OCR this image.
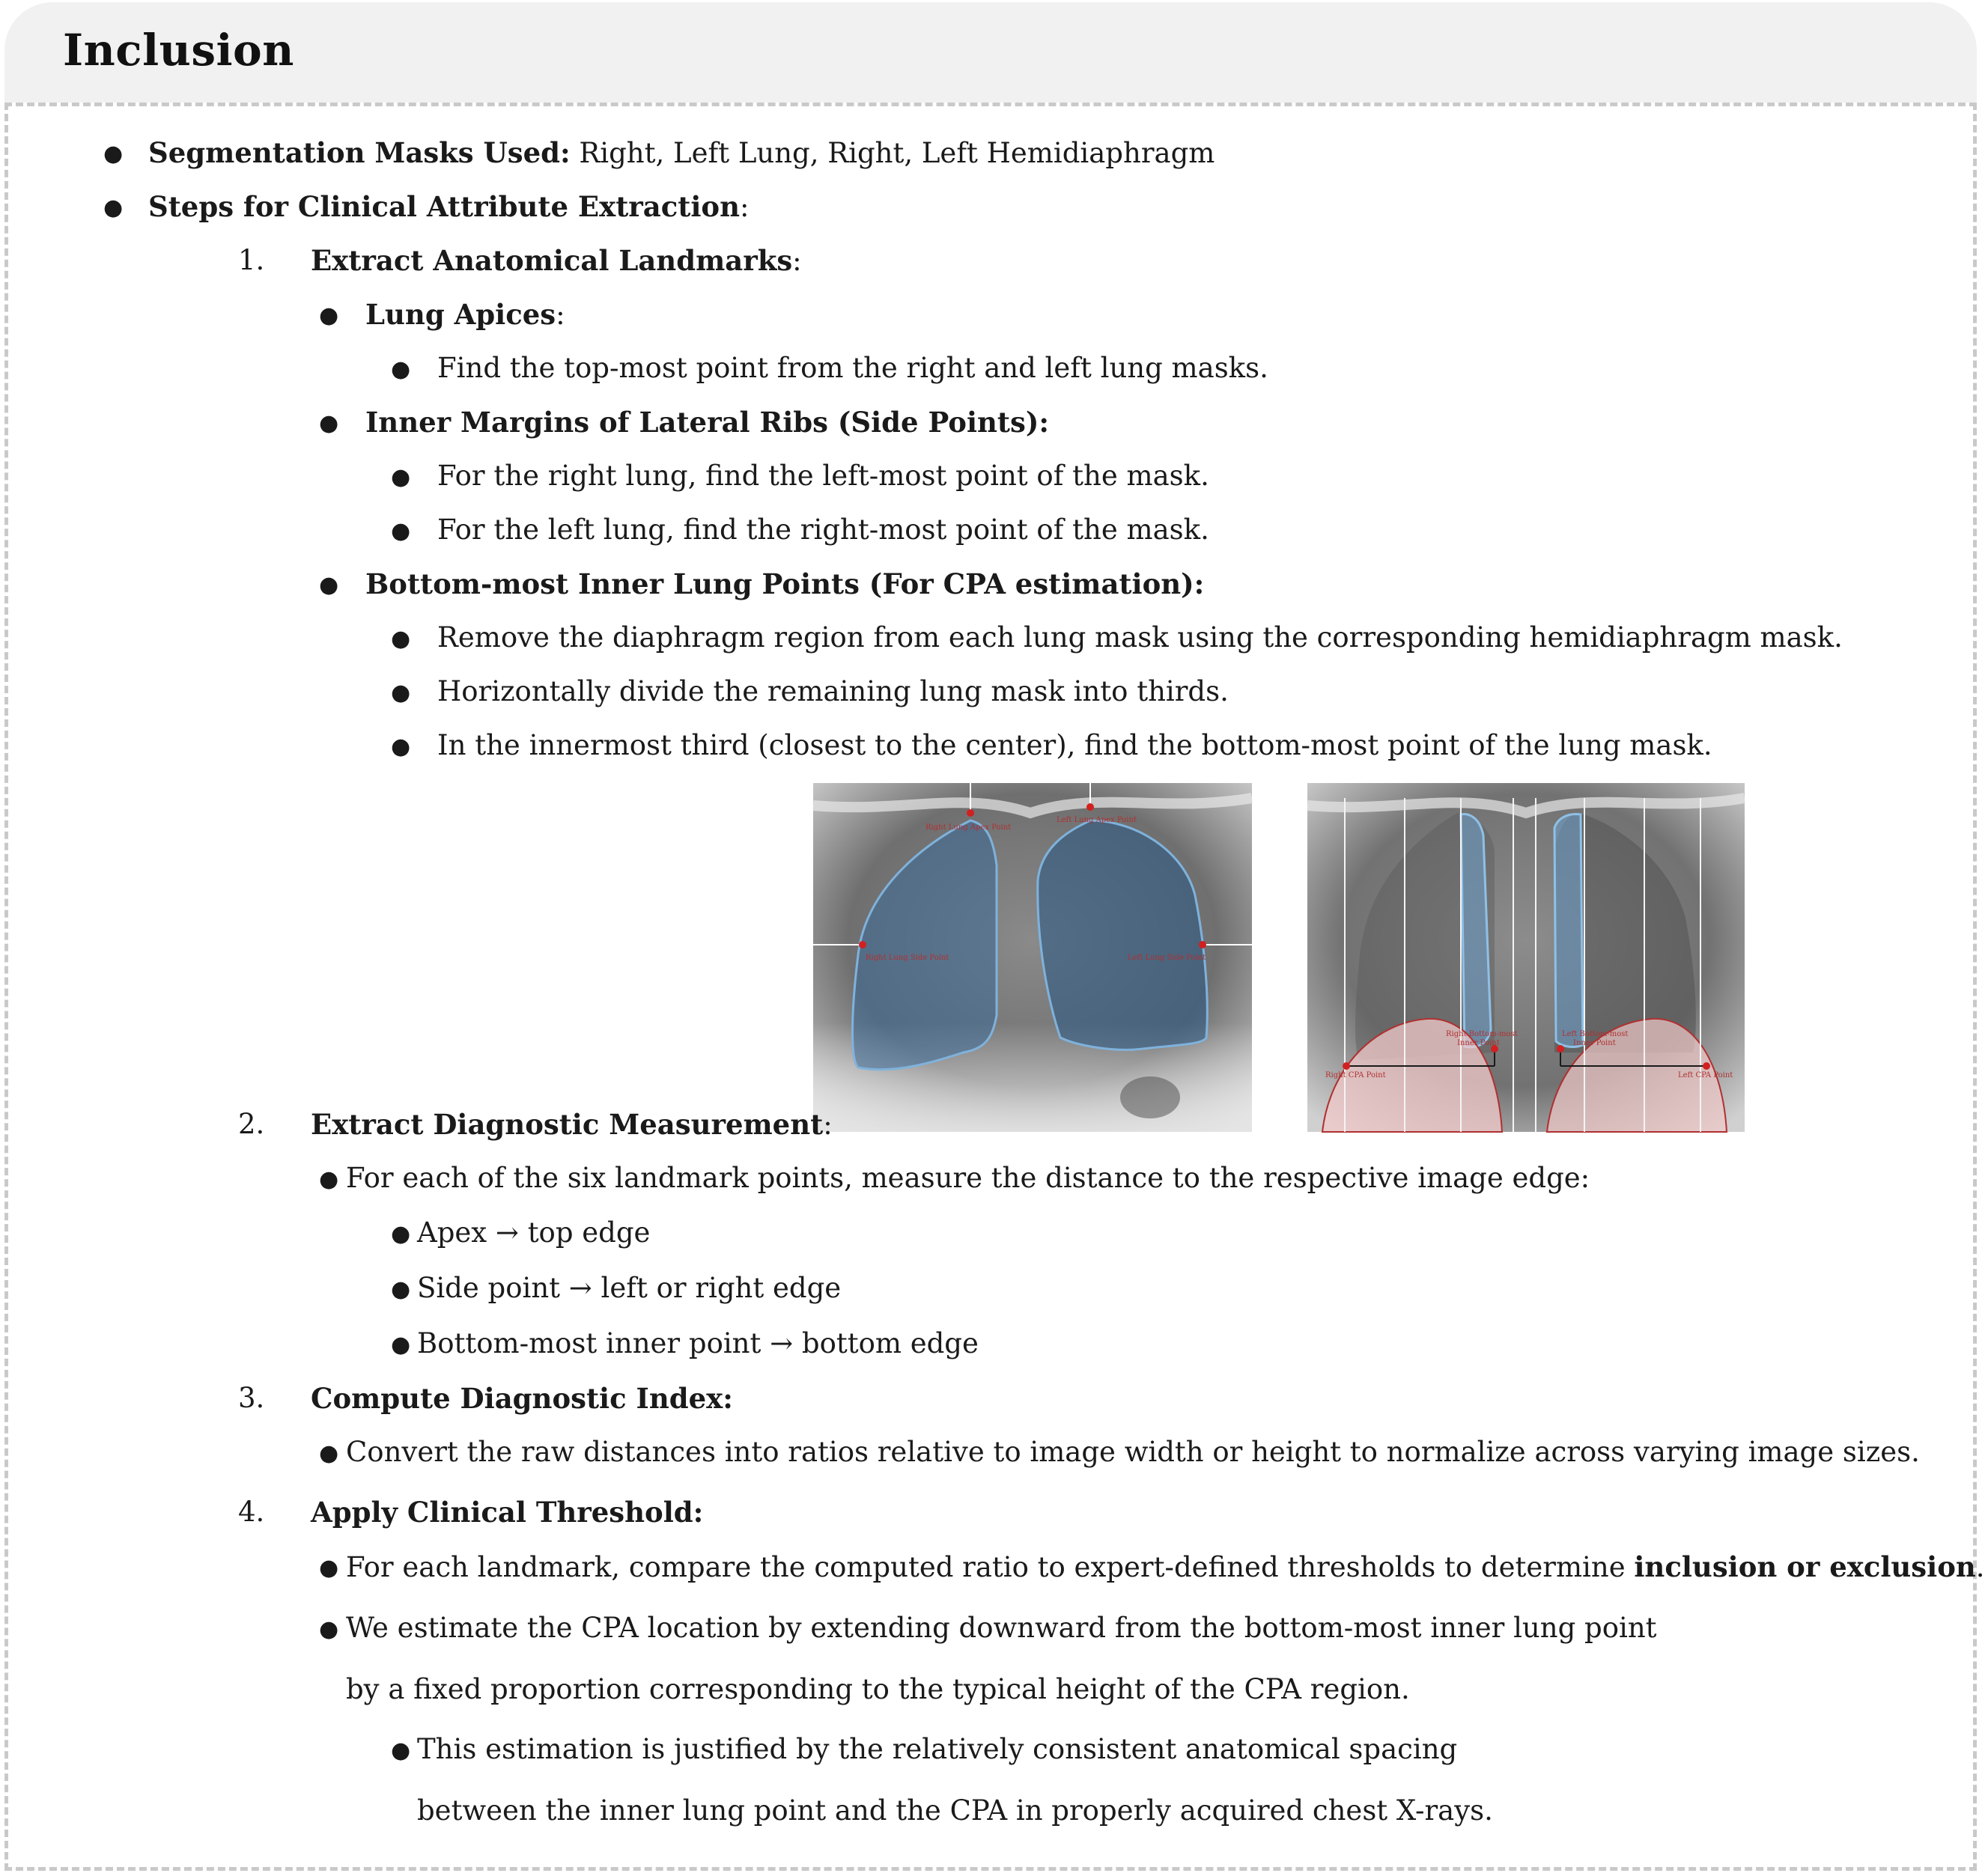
Inclusion
● Segmentation Masks Used: Right, Left Lung, Right, Left Hemidiaphragm
● Steps for Clinical Attribute Extraction:
1. Extract Anatomical Landmarks:
● Lung Apices:
● Find the top-most point from the right and left lung masks.
● Inner Margins of Lateral Ribs (Side Points):
● For the right lung, find the left-most point of the mask.
● For the left lung, find the right-most point of the mask.
● Bottom-most Inner Lung Points (For CPA estimation):
● Remove the diaphragm region from each lung mask using the corresponding hemidiaphragm mask.
● Horizontally divide the remaining lung mask into thirds.
● In the innermost third (closest to the center), find the bottom-most point of the lung mask.
Right Lung Apex Point
Left Lung Apex Point
Right Lung Side Point	Left Lung Side Point
Right Bottom-most
Inner Point
Left Bottom-most
Inner Point
Right CPA Point	Left CPA Point
2. Extract Diagnostic Measurement:
● For each of the six landmark points, measure the distance to the respective image edge:
● Apex → top edge
● Side point → left or right edge
● Bottom-most inner point → bottom edge
3. Compute Diagnostic Index:
● Convert the raw distances into ratios relative to image width or height to normalize across varying image sizes.
4. Apply Clinical Threshold:
● For each landmark, compare the computed ratio to expert-defined thresholds to determine inclusion or exclusion.
● We estimate the CPA location by extending downward from the bottom-most inner lung point
by a fixed proportion corresponding to the typical height of the CPA region.
● This estimation is justified by the relatively consistent anatomical spacing
between the inner lung point and the CPA in properly acquired chest X-rays.
